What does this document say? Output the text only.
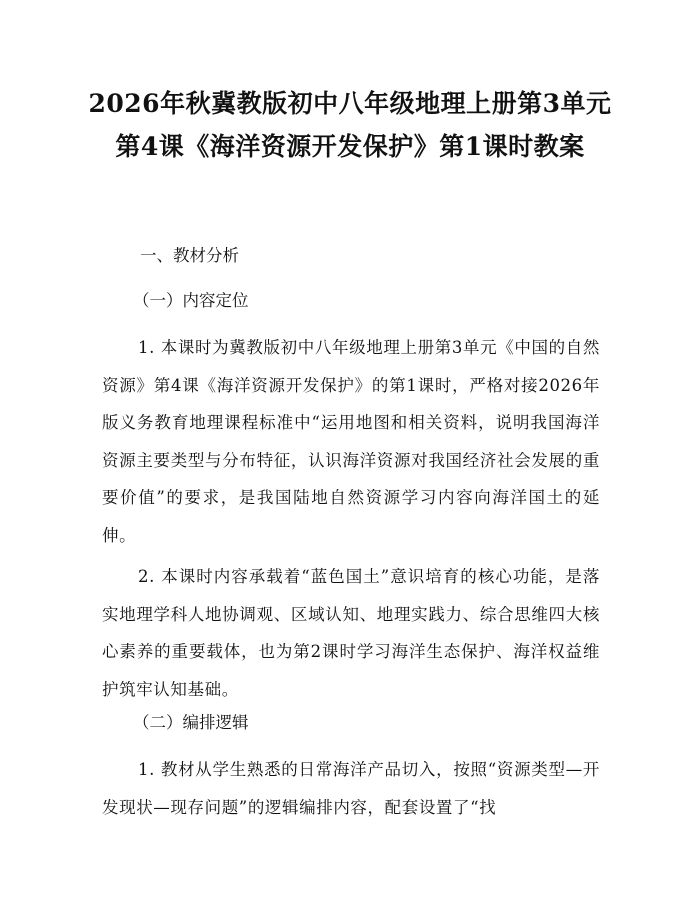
2026年秋冀教版初中八年级地理上册第3单元第4课《海洋资源开发保护》第1课时教案

一、教材分析

（一）内容定位

1. 本课时为冀教版初中八年级地理上册第3单元《中国的自然资源》第4课《海洋资源开发保护》的第1课时，严格对接2026年版义务教育地理课程标准中“运用地图和相关资料，说明我国海洋资源主要类型与分布特征，认识海洋资源对我国经济社会发展的重要价值”的要求，是我国陆地自然资源学习内容向海洋国土的延伸。

2. 本课时内容承载着“蓝色国土”意识培育的核心功能，是落实地理学科人地协调观、区域认知、地理实践力、综合思维四大核心素养的重要载体，也为第2课时学习海洋生态保护、海洋权益维护筑牢认知基础。

（二）编排逻辑

1. 教材从学生熟悉的日常海洋产品切入，按照“资源类型—开发现状—现存问题”的逻辑编排内容，配套设置了“找
